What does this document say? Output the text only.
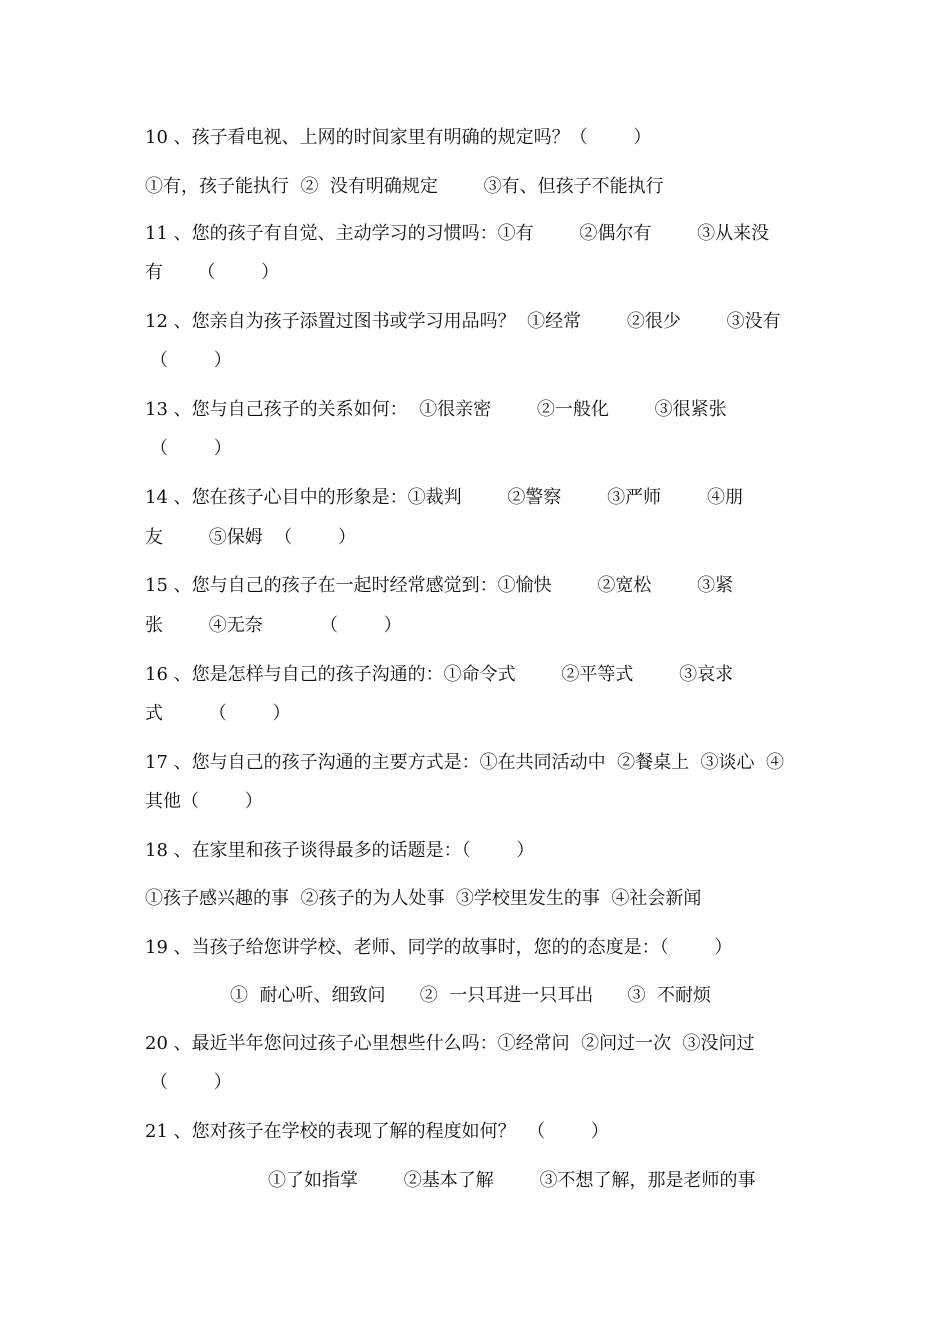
10 、孩子看电视、上网的时间家里有明确的规定吗？（        ）
①有，孩子能执行  ②  没有明确规定        ③有、但孩子不能执行
11 、您的孩子有自觉、主动学习的习惯吗：①有        ②偶尔有        ③从来没
有      （        ）
12 、您亲自为孩子添置过图书或学习用品吗？  ①经常        ②很少        ③没有
（        ）
13 、您与自己孩子的关系如何：  ①很亲密        ②一般化        ③很紧张
（        ）
14 、您在孩子心目中的形象是：①裁判        ②警察        ③严师        ④朋
友        ⑤保姆  （        ）
15 、您与自己的孩子在一起时经常感觉到：①愉快        ②宽松        ③紧
张        ④无奈          （        ）
16 、您是怎样与自己的孩子沟通的：①命令式        ②平等式        ③哀求
式        （        ）
17 、您与自己的孩子沟通的主要方式是：①在共同活动中  ②餐桌上  ③谈心  ④
其他（        ）
18 、在家里和孩子谈得最多的话题是：（        ）
①孩子感兴趣的事  ②孩子的为人处事  ③学校里发生的事  ④社会新闻
19 、当孩子给您讲学校、老师、同学的故事时，您的的态度是：（        ）
①  耐心听、细致问      ②  一只耳进一只耳出      ③  不耐烦
20 、最近半年您问过孩子心里想些什么吗：①经常问  ②问过一次  ③没问过
（        ）
21 、您对孩子在学校的表现了解的程度如何？  （        ）
①了如指掌        ②基本了解        ③不想了解，那是老师的事
